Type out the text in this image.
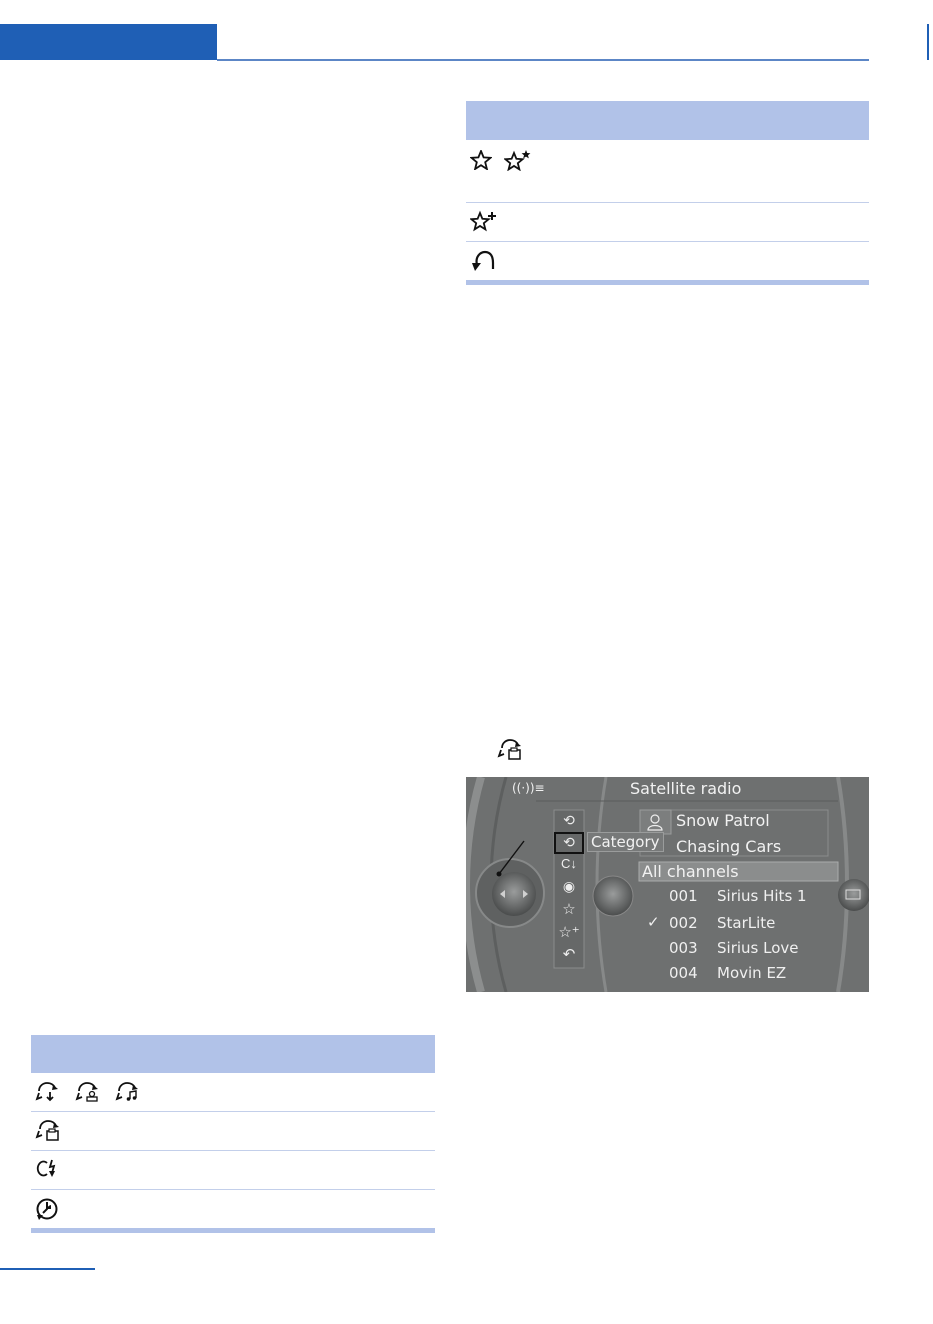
((·))≡	Satellite radio
Snow Patrol
Chasing Cars
All channels
Category
⟲
⟲
C↓
◉
☆
☆⁺
↶
001 Sirius Hits 1
✓ 002 StarLite
003 Sirius Love
004 Movin EZ
